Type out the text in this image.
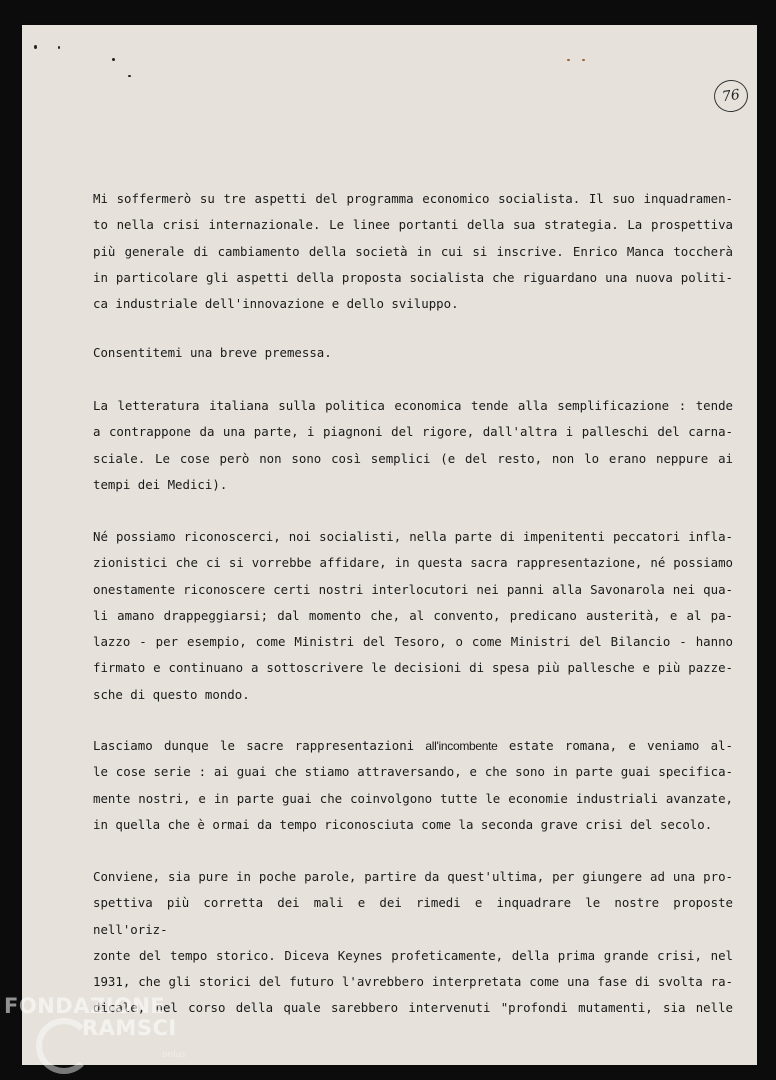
76
Mi soffermerò su tre aspetti del programma economico socialista. Il suo inquadramen-
to nella crisi internazionale. Le linee portanti della sua strategia. La prospettiva
più generale di cambiamento della società in cui si inscrive. Enrico Manca toccherà
in particolare gli aspetti della proposta socialista che riguardano una nuova politi-
ca industriale dell'innovazione e dello sviluppo.
Consentitemi una breve premessa.
La letteratura italiana sulla politica economica tende alla semplificazione : tende
a contrappone da una parte, i piagnoni del rigore, dall'altra i palleschi del carna-
sciale. Le cose però non sono così semplici (e del resto, non lo erano neppure ai
tempi dei Medici).
Né possiamo riconoscerci, noi socialisti, nella parte di impenitenti peccatori infla-
zionistici che ci si vorrebbe affidare, in questa sacra rappresentazione, né possiamo
onestamente riconoscere certi nostri interlocutori nei panni alla Savonarola nei qua-
li amano drappeggiarsi; dal momento che, al convento, predicano austerità, e al pa-
lazzo - per esempio, come Ministri del Tesoro, o come Ministri del Bilancio - hanno
firmato e continuano a sottoscrivere le decisioni di spesa più pallesche e più pazze-
sche di questo mondo.
Lasciamo dunque le sacre rappresentazioni all'incombente estate romana, e veniamo al-
le cose serie : ai guai che stiamo attraversando, e che sono in parte guai specifica-
mente nostri, e in parte guai che coinvolgono tutte le economie industriali avanzate,
in quella che è ormai da tempo riconosciuta come la seconda grave crisi del secolo.
Conviene, sia pure in poche parole, partire da quest'ultima, per giungere ad una pro-
spettiva più corretta dei mali e dei rimedi e inquadrare le nostre proposte nell'oriz-
zonte del tempo storico. Diceva Keynes profeticamente, della prima grande crisi, nel
1931, che gli storici del futuro l'avrebbero interpretata come una fase di svolta ra-
dicale, nel corso della quale sarebbero intervenuti "profondi mutamenti, sia nelle
FONDAZIONE
RAMSCI
onlus
